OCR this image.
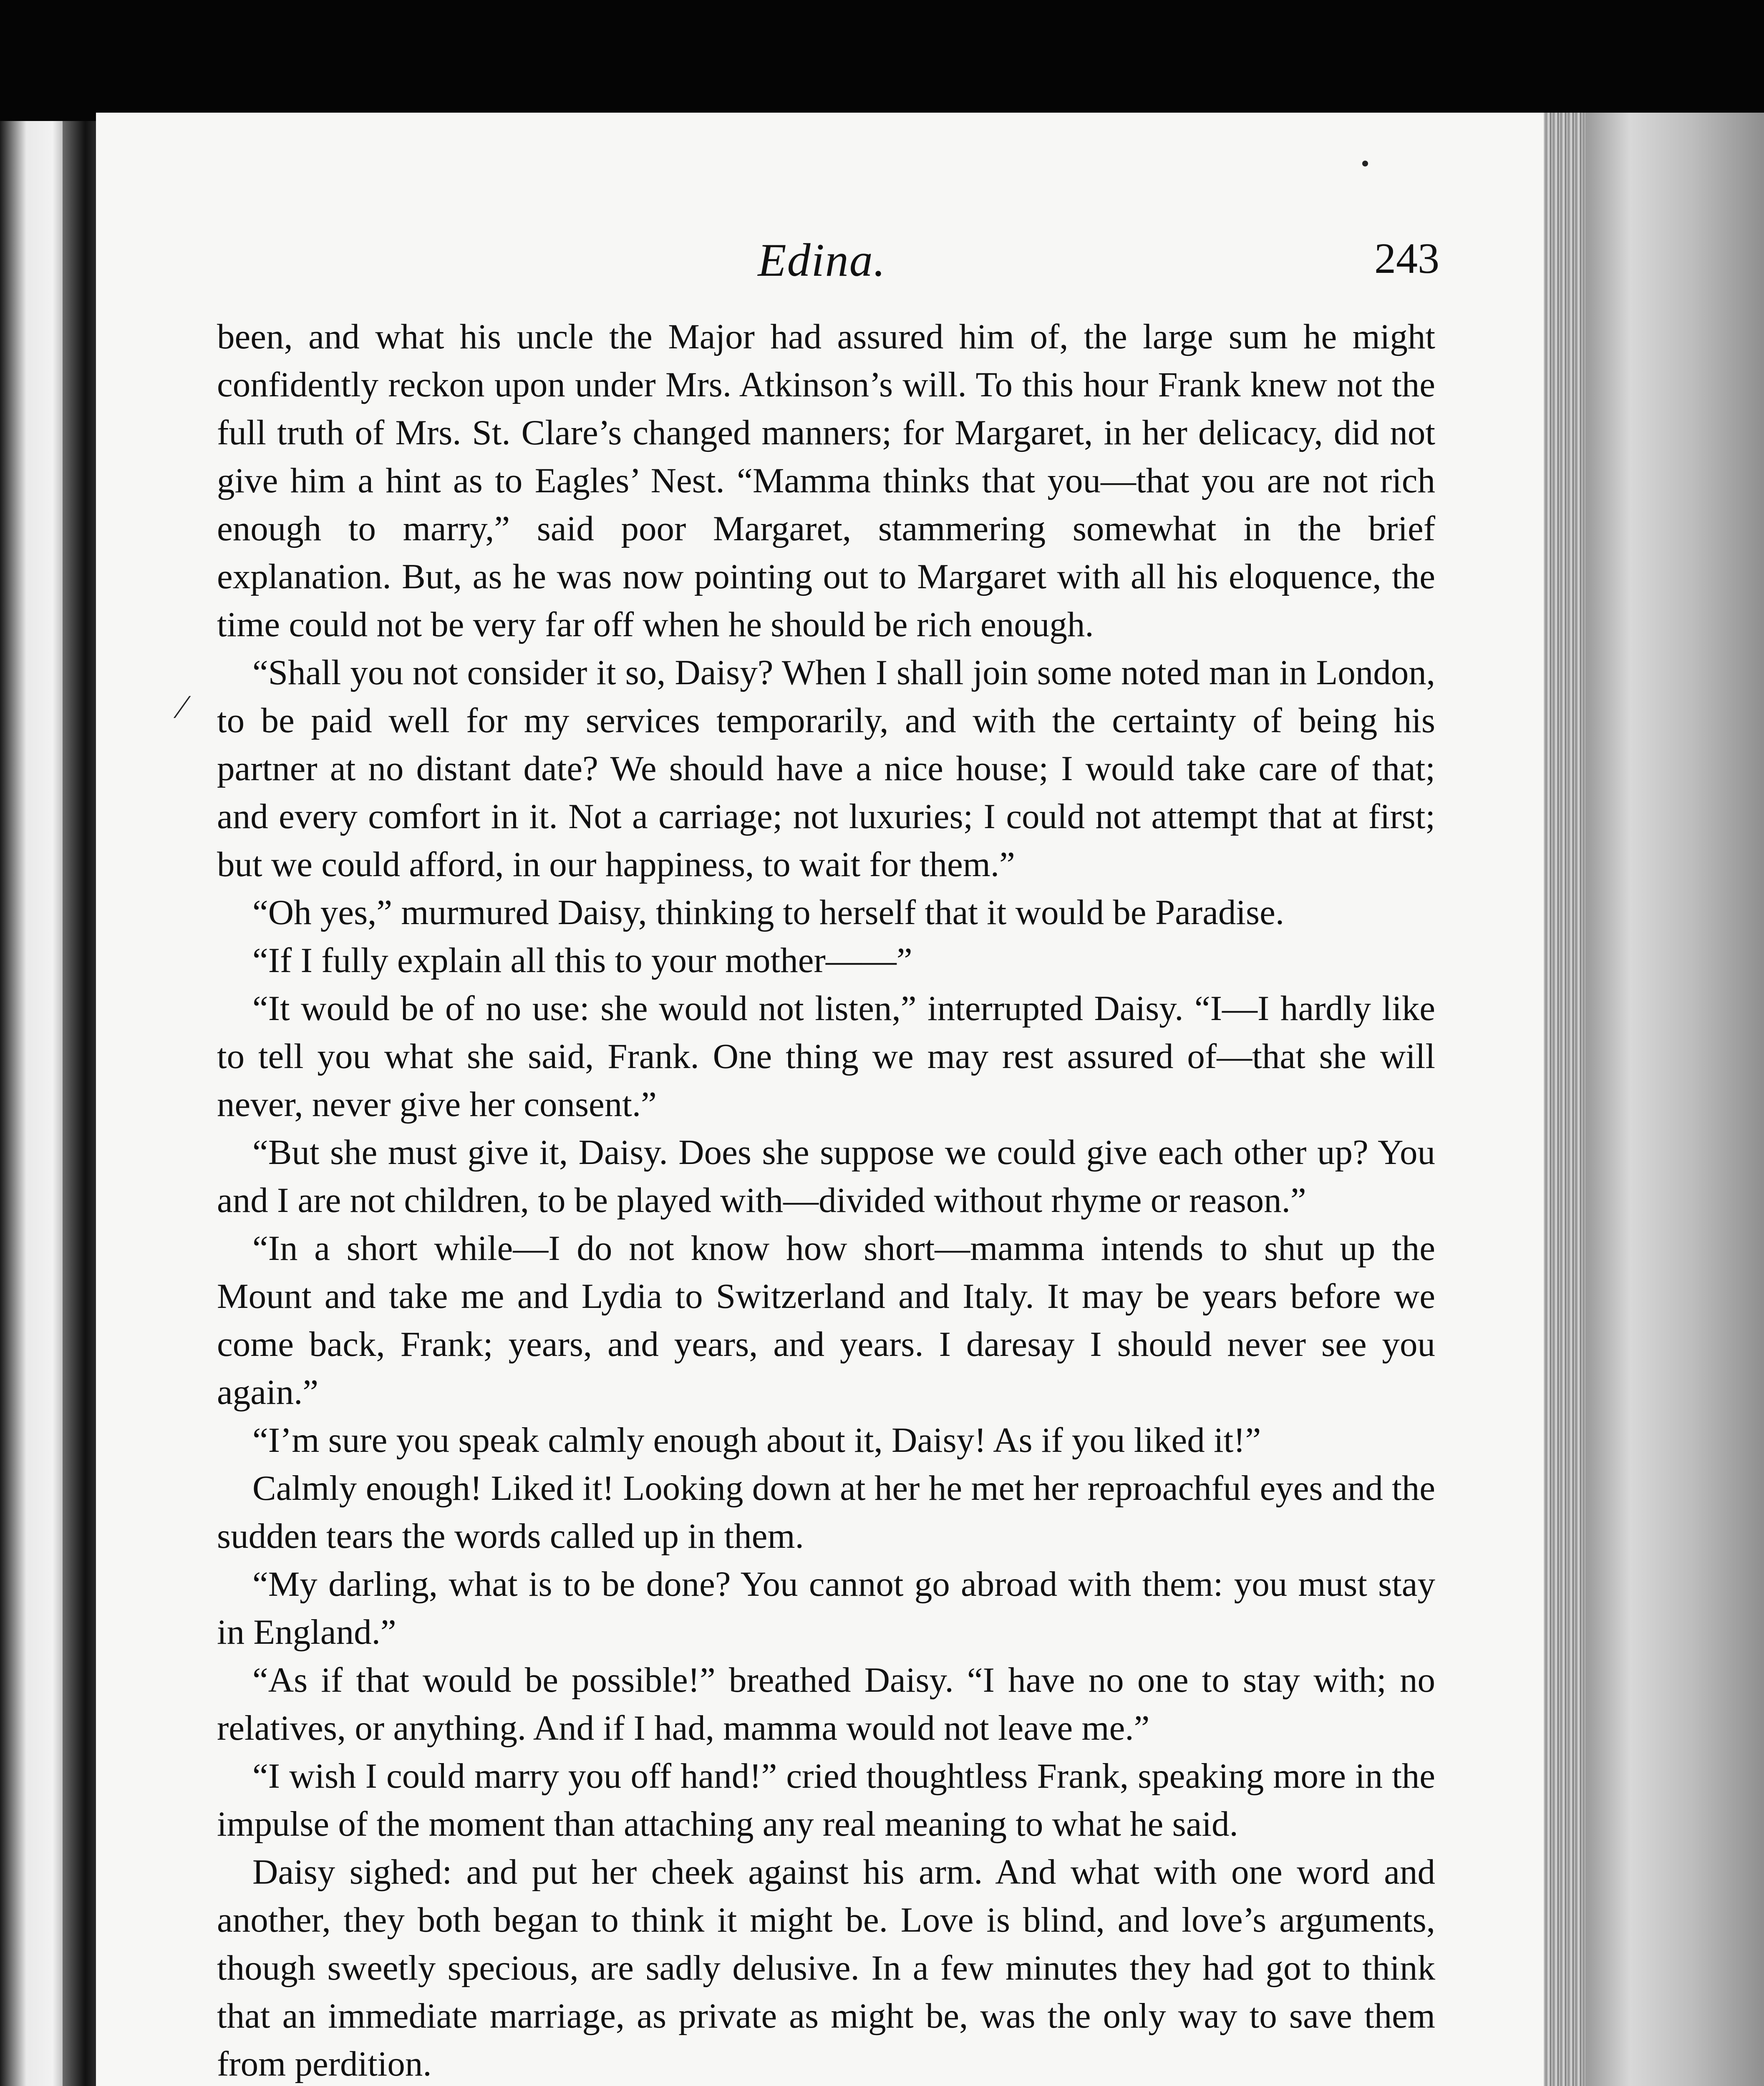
Edina.	243
⁄

been, and what his uncle the Major had assured him of, the large sum he might confidently reckon upon under Mrs. Atkinson’s will. To this hour Frank knew not the full truth of Mrs. St. Clare’s changed manners; for Margaret, in her delicacy, did not give him a hint as to Eagles’ Nest. “Mamma thinks that you—that you are not rich enough to marry,” said poor Margaret, stammering somewhat in the brief explanation. But, as he was now pointing out to Margaret with all his eloquence, the time could not be very far off when he should be rich enough.

“Shall you not consider it so, Daisy? When I shall join some noted man in London, to be paid well for my services temporarily, and with the certainty of being his partner at no distant date? We should have a nice house; I would take care of that; and every comfort in it. Not a carriage; not luxuries; I could not attempt that at first; but we could afford, in our happiness, to wait for them.”

“Oh yes,” murmured Daisy, thinking to herself that it would be Paradise.

“If I fully explain all this to your mother——”

“It would be of no use: she would not listen,” interrupted Daisy. “I—I hardly like to tell you what she said, Frank. One thing we may rest assured of—that she will never, never give her consent.”

“But she must give it, Daisy. Does she suppose we could give each other up? You and I are not children, to be played with—divided without rhyme or reason.”

“In a short while—I do not know how short—mamma intends to shut up the Mount and take me and Lydia to Switzerland and Italy. It may be years before we come back, Frank; years, and years, and years. I daresay I should never see you again.”

“I’m sure you speak calmly enough about it, Daisy! As if you liked it!”

Calmly enough! Liked it! Looking down at her he met her reproachful eyes and the sudden tears the words called up in them.

“My darling, what is to be done? You cannot go abroad with them: you must stay in England.”

“As if that would be possible!” breathed Daisy. “I have no one to stay with; no relatives, or anything. And if I had, mamma would not leave me.”

“I wish I could marry you off hand!” cried thoughtless Frank, speaking more in the impulse of the moment than attaching any real meaning to what he said.

Daisy sighed: and put her cheek against his arm. And what with one word and another, they both began to think it might be. Love is blind, and love’s arguments, though sweetly specious, are sadly delusive. In a few minutes they had got to think that an immediate marriage, as private as might be, was the only way to save them from perdition.
